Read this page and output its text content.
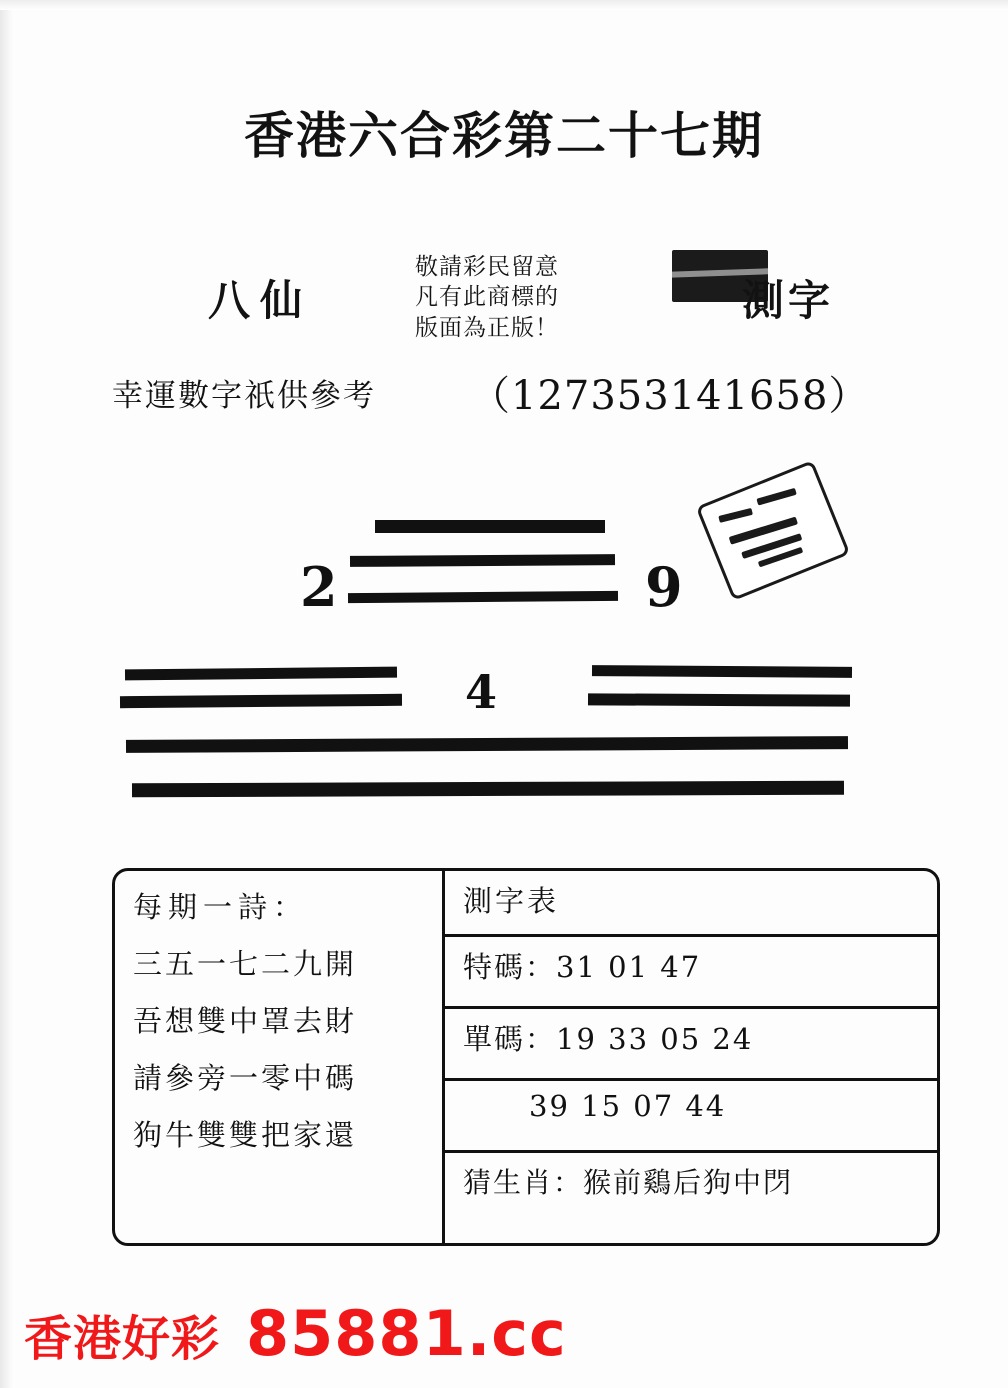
香港六合彩第二十七期
八仙
敬請彩民留意
凡有此商標的
版面為正版！
測字
幸運數字祇供參考 （127353141658）
2	9
4
每期一詩：
三五一七二九開
吾想雙中罩去財
請參旁一零中碼
狗牛雙雙把家還
測字表
特碼：31 01 47
單碼：19 33 05 24
39 15 07 44
猜生肖：猴前鷄后狗中閁
香港好彩 85881.cc
